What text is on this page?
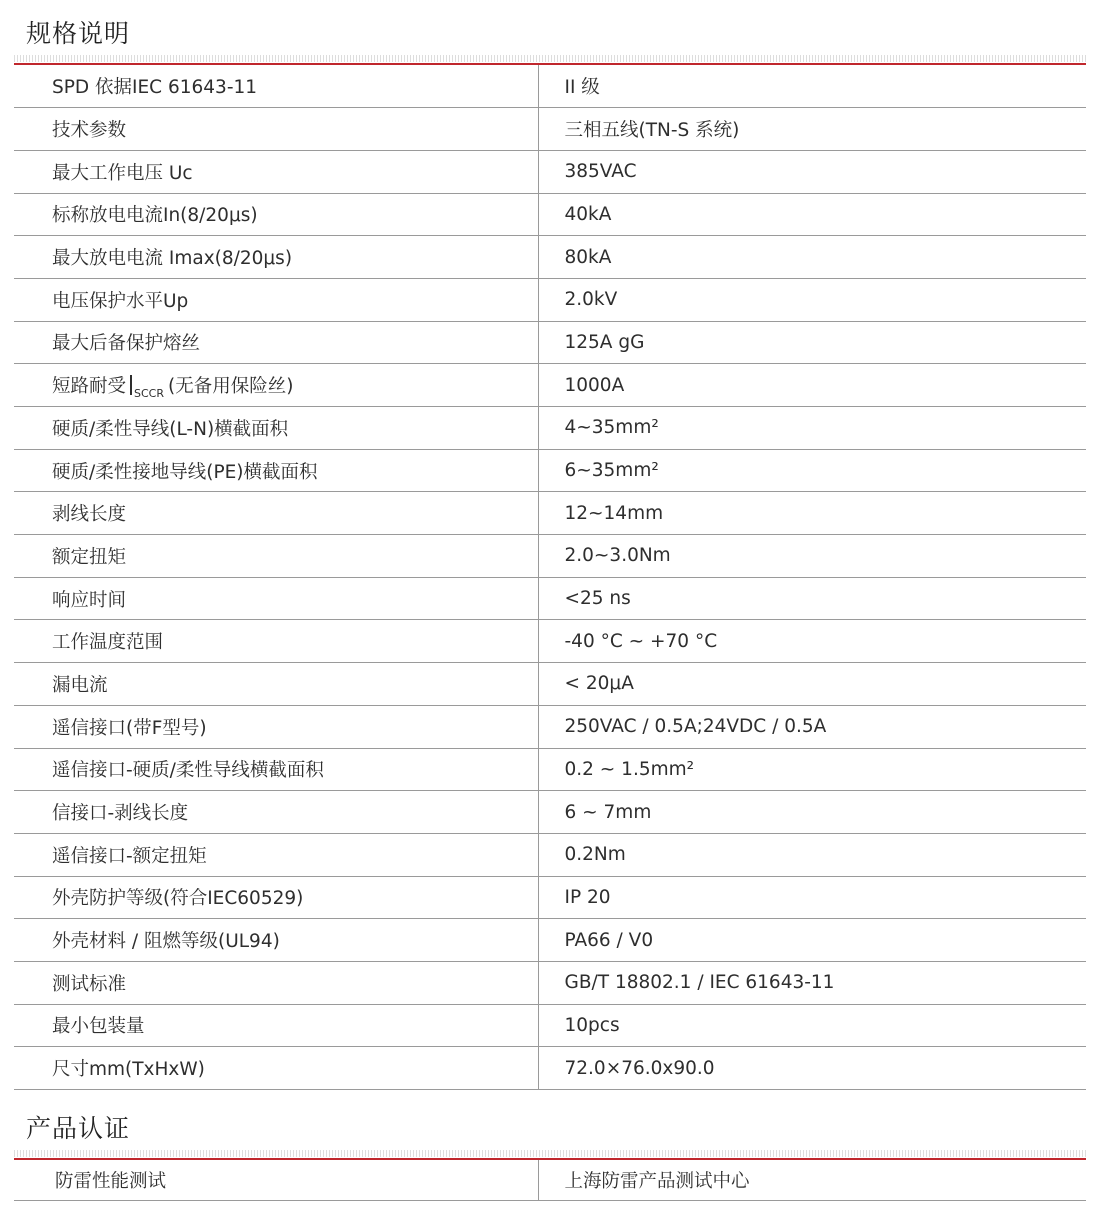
规格说明
SPD 依据IEC 61643-11	II 级
技术参数	三相五线(TN-S 系统)
最大工作电压 Uc	385VAC
标称放电电流In(8/20μs)	40kA
最大放电电流 Imax(8/20μs)	80kA
电压保护水平Up	2.0kV
最大后备保护熔丝	125A gG
短路耐受 $_{SCCR}$ (无备用保险丝)	1000A
硬质/柔性导线(L-N)横截面积	4~35mm²
硬质/柔性接地导线(PE)横截面积	6~35mm²
剥线长度	12~14mm
额定扭矩	2.0~3.0Nm
响应时间	<25 ns
工作温度范围	-40 °C ~ +70 °C
漏电流	< 20μA
遥信接口(带F型号)	250VAC / 0.5A;24VDC / 0.5A
遥信接口-硬质/柔性导线横截面积	0.2 ~ 1.5mm²
信接口-剥线长度	6 ~ 7mm
遥信接口-额定扭矩	0.2Nm
外壳防护等级(符合IEC60529)	IP 20
外壳材料 / 阻燃等级(UL94)	PA66 / V0
测试标准	GB/T 18802.1 / IEC 61643-11
最小包装量	10pcs
尺寸mm(TxHxW)	72.0×76.0x90.0
产品认证
防雷性能测试	上海防雷产品测试中心
